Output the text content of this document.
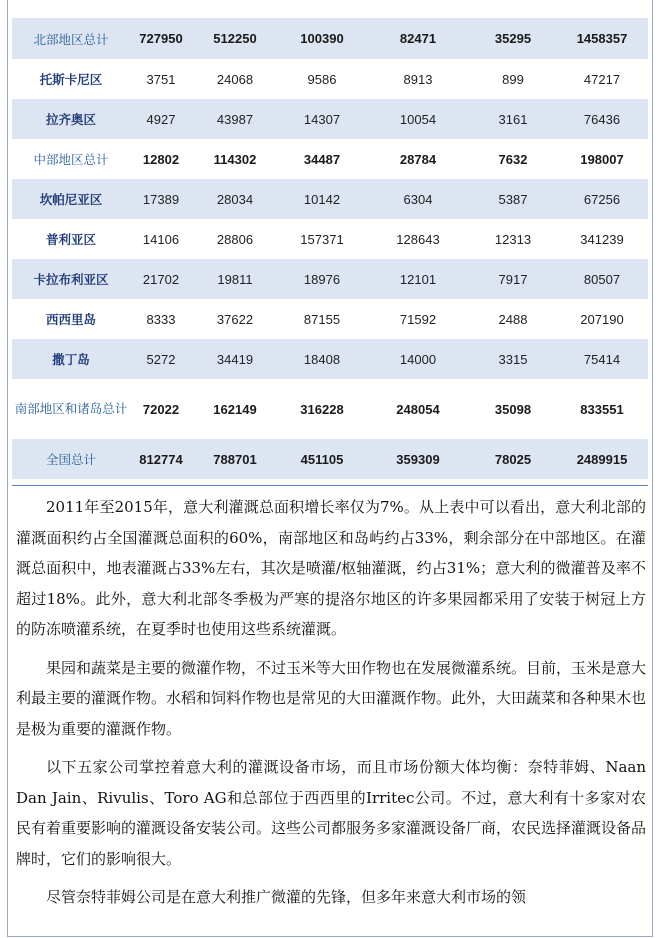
北部地区总计	727950	512250	100390	82471	35295	1458357
托斯卡尼区	3751	24068	9586	8913	899	47217
拉齐奥区	4927	43987	14307	10054	3161	76436
中部地区总计	12802	114302	34487	28784	7632	198007
坎帕尼亚区	17389	28034	10142	6304	5387	67256
普利亚区	14106	28806	157371	128643	12313	341239
卡拉布利亚区	21702	19811	18976	12101	7917	80507
西西里岛	8333	37622	87155	71592	2488	207190
撒丁岛	5272	34419	18408	14000	3315	75414
南部地区和诸岛总计	72022	162149	316228	248054	35098	833551
全国总计	812774	788701	451105	359309	78025	2489915

2011年至2015年，意大利灌溉总面积增长率仅为7%。从上表中可以看出，意大利北部的灌溉面积约占全国灌溉总面积的60%，南部地区和岛屿约占33%，剩余部分在中部地区。在灌溉总面积中，地表灌溉占33%左右，其次是喷灌/枢轴灌溉，约占31%；意大利的微灌普及率不超过18%。此外，意大利北部冬季极为严寒的提洛尔地区的许多果园都采用了安装于树冠上方的防冻喷灌系统，在夏季时也使用这些系统灌溉。

果园和蔬菜是主要的微灌作物，不过玉米等大田作物也在发展微灌系统。目前，玉米是意大利最主要的灌溉作物。水稻和饲料作物也是常见的大田灌溉作物。此外，大田蔬菜和各种果木也是极为重要的灌溉作物。

以下五家公司掌控着意大利的灌溉设备市场，而且市场份额大体均衡：奈特菲姆、Naan Dan Jain、Rivulis、Toro AG和总部位于西西里的Irritec公司。不过，意大利有十多家对农民有着重要影响的灌溉设备安装公司。这些公司都服务多家灌溉设备厂商，农民选择灌溉设备品牌时，它们的影响很大。

尽管奈特菲姆公司是在意大利推广微灌的先锋，但多年来意大利市场的领
